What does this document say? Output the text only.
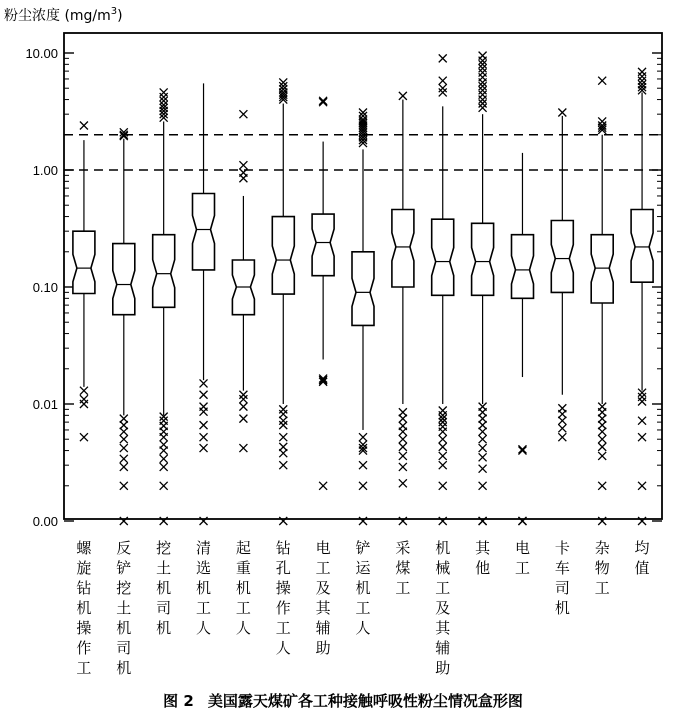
粉尘浓度 $(mg/m^3)$
10.00
1.00
0.10
0.01
0.00
螺旋钻机操作工
反铲挖土机司机
挖土机司机
清选机工人
起重机工人
钻孔操作工人
电工及其辅助
铲运机工人
采煤工
机械工及其辅助
其他
电工
卡车司机
杂物工
均值
图 2 美国露天煤矿各工种接触呼吸性粉尘情况盒形图
